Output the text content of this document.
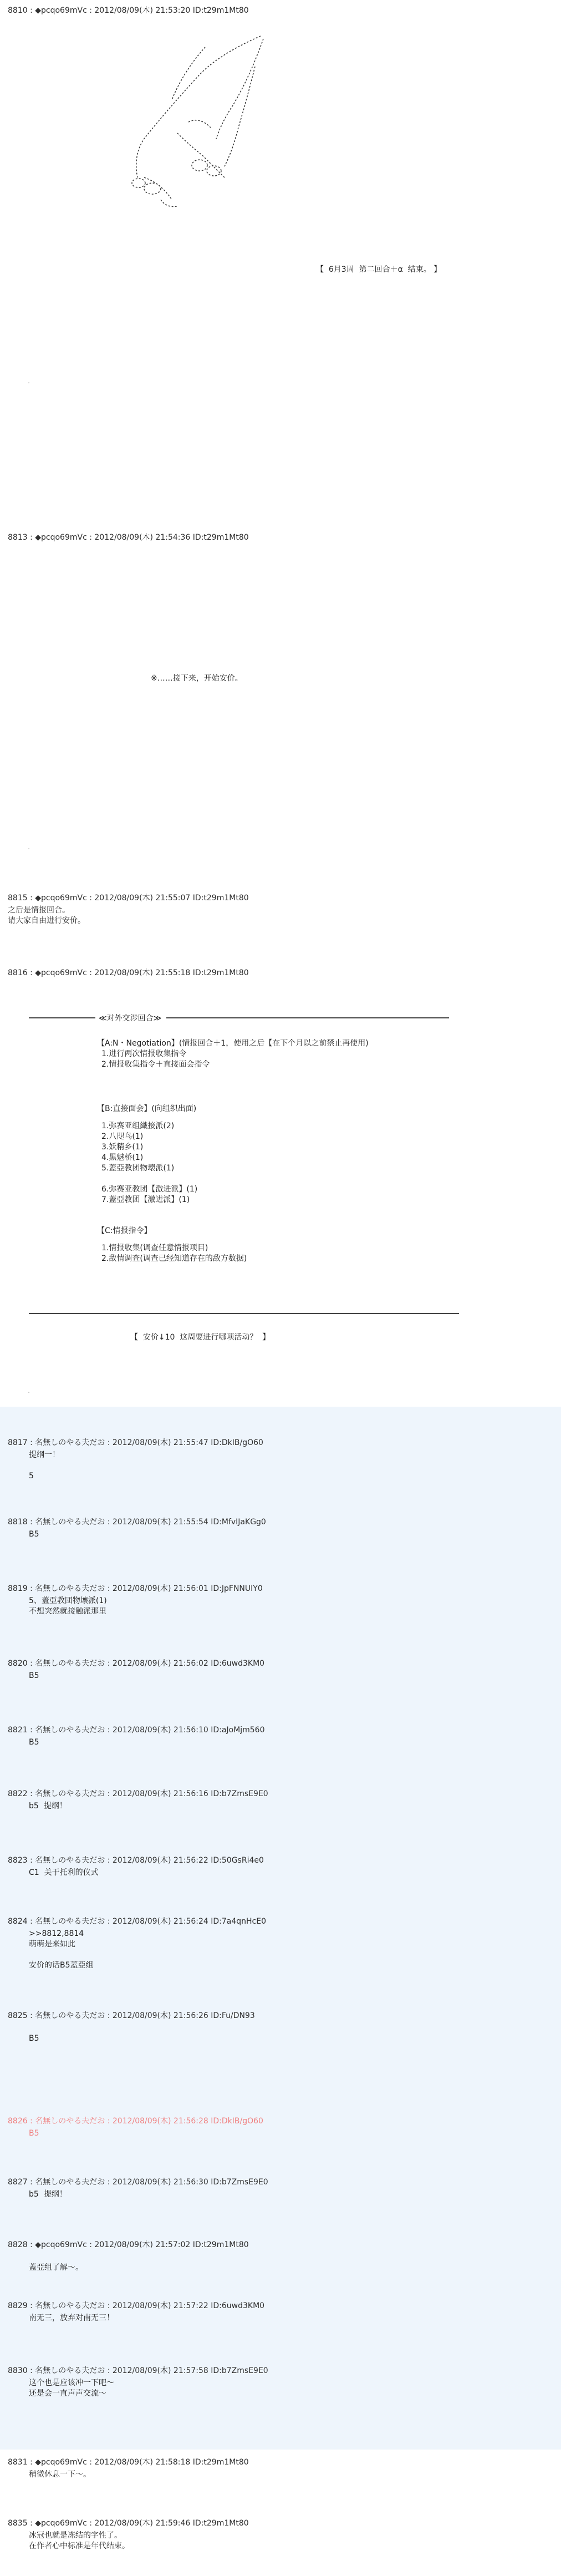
8810 : ◆pcqo69mVc : 2012/08/09(木) 21:53:20 ID:t29m1Mt80
【  6月3周  第二回合＋α  结束。 】
.
8813 : ◆pcqo69mVc : 2012/08/09(木) 21:54:36 ID:t29m1Mt80
※……接下来，开始安价。
.
8815 : ◆pcqo69mVc : 2012/08/09(木) 21:55:07 ID:t29m1Mt80
之后是情报回合。
请大家自由进行安价。
8816 : ◆pcqo69mVc : 2012/08/09(木) 21:55:18 ID:t29m1Mt80
≪对外交涉回合≫
【A:N・Negotiation】(情报回合＋1，使用之后【在下个月以之前禁止再使用)
1.进行两次情报收集指令
2.情报收集指令＋直接面会指令
【B:直接面会】(向组织出面)
1.弥赛亚组織接派(2)
2.八咫鸟(1)
3.妖精乡(1)
4.黑魅桥(1)
5.蓋亞教团物壊派(1)
6.弥赛亚教团【激进派】(1)
7.蓋亞教团【激进派】(1)
【C:情报指令】
1.情报收集(调查任意情报项目)
2.敌情调查(调查已经知道存在的敌方数据)
【  安价↓10  这周要进行哪项活动？  】
.
8817 : 名無しのやる夫だお : 2012/08/09(木) 21:55:47 ID:DkIB/gO60
提纲一！
5
8818 : 名無しのやる夫だお : 2012/08/09(木) 21:55:54 ID:MfvIJaKGg0
B5
8819 : 名無しのやる夫だお : 2012/08/09(木) 21:56:01 ID:JpFNNUIY0
5、蓋亞教団物壊派(1)
不想突然就接触派那里
8820 : 名無しのやる夫だお : 2012/08/09(木) 21:56:02 ID:6uwd3KM0
B5
8821 : 名無しのやる夫だお : 2012/08/09(木) 21:56:10 ID:aJoMjm560
B5
8822 : 名無しのやる夫だお : 2012/08/09(木) 21:56:16 ID:b7ZmsE9E0
b5  提纲！
8823 : 名無しのやる夫だお : 2012/08/09(木) 21:56:22 ID:50GsRi4e0
C1  关于托利的仪式
8824 : 名無しのやる夫だお : 2012/08/09(木) 21:56:24 ID:7a4qnHcE0
>>8812,8814
萌萌是来如此
安价的话B5蓋亞组
8825 : 名無しのやる夫だお : 2012/08/09(木) 21:56:26 ID:Fu/DN93
B5
8826 : 名無しのやる夫だお : 2012/08/09(木) 21:56:28 ID:DkIB/gO60
B5
8827 : 名無しのやる夫だお : 2012/08/09(木) 21:56:30 ID:b7ZmsE9E0
b5  提纲！
8828 : ◆pcqo69mVc : 2012/08/09(木) 21:57:02 ID:t29m1Mt80
蓋亞组了解～。
8829 : 名無しのやる夫だお : 2012/08/09(木) 21:57:22 ID:6uwd3KM0
南无三，放弃对南无三！
8830 : 名無しのやる夫だお : 2012/08/09(木) 21:57:58 ID:b7ZmsE9E0
这个也是应该冲一下吧～
还是会一直声声交流～
8831 : ◆pcqo69mVc : 2012/08/09(木) 21:58:18 ID:t29m1Mt80
稍微休息一下～。
8835 : ◆pcqo69mVc : 2012/08/09(木) 21:59:46 ID:t29m1Mt80
冰冠也就是冻结的字性了。
在作者心中标准是年代结束。
